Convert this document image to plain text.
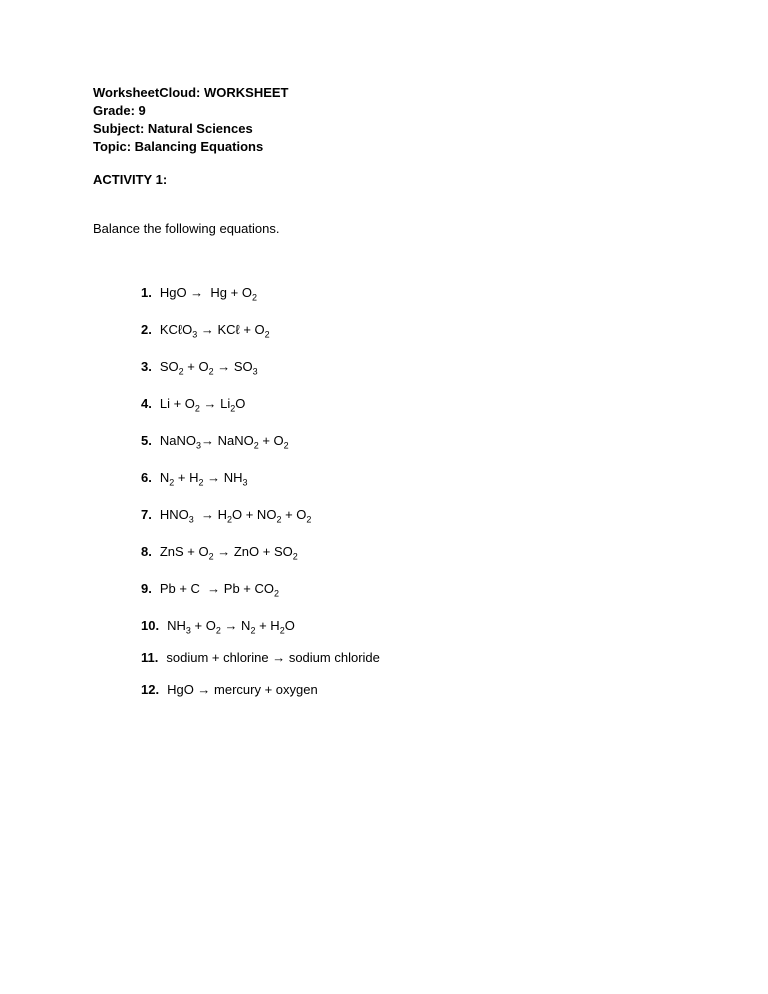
WorksheetCloud: WORKSHEET
Grade: 9
Subject: Natural Sciences
Topic: Balancing Equations
ACTIVITY 1:
Balance the following equations.
1. HgO →  $Hg + O_2$
2. KCℓO$_3$ → KCℓ + $O_2$
3. $SO_2 + O_2 \to SO_3$
4. $Li + O_2 \to Li_2O$
5. NaNO$_3$→ NaNO$_2$ + $O_2$
6. $N_2 + H_2 \to NH_3$
7. $HNO_3 \to H_2O + NO_2 + O_2$
8. ZnS + $O_2$ → ZnO + $SO_2$
9. $Pb + C \to Pb + CO_2$
10. $NH_3 + O_2 \to N_2 + H_2O$
11. sodium + chlorine → sodium chloride
12. HgO → mercury + oxygen
